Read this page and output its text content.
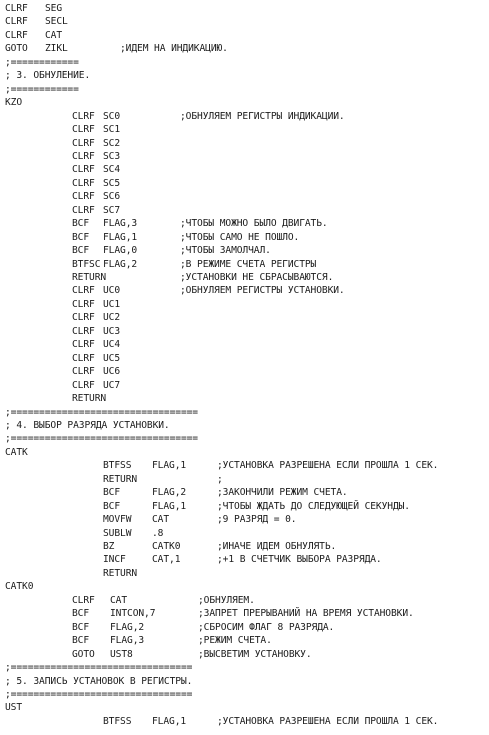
CLRF SEG
CLRF SECL
CLRF CAT
GOTO ZIKL	;ИДЕМ НА ИНДИКАЦИЮ.
;============
; 3. ОБНУЛЕНИЕ.
;============
KZO
CLRF SC0	;ОБНУЛЯЕМ РЕГИСТРЫ ИНДИКАЦИИ.
CLRF SC1
CLRF SC2
CLRF SC3
CLRF SC4
CLRF SC5
CLRF SC6
CLRF SC7
BCF FLAG,3	;ЧТОБЫ МОЖНО БЫЛО ДВИГАТЬ.
BCF FLAG,1	;ЧТОБЫ САМО НЕ ПОШЛО.
BCF FLAG,0	;ЧТОБЫ ЗАМОЛЧАЛ.
BTFSC FLAG,2	;В РЕЖИМЕ СЧЕТА РЕГИСТРЫ
RETURN	;УСТАНОВКИ НЕ СБРАСЫВАЮТСЯ.
CLRF UC0	;ОБНУЛЯЕМ РЕГИСТРЫ УСТАНОВКИ.
CLRF UC1
CLRF UC2
CLRF UC3
CLRF UC4
CLRF UC5
CLRF UC6
CLRF UC7
RETURN
;=================================
; 4. ВЫБОР РАЗРЯДА УСТАНОВКИ.
;=================================
CATK
BTFSS FLAG,1	;УСТАНОВКА РАЗРЕШЕНА ЕСЛИ ПРОШЛА 1 СЕК.
RETURN	;
BCF	FLAG,2	;ЗАКОНЧИЛИ РЕЖИМ СЧЕТА.
BCF	FLAG,1	;ЧТОБЫ ЖДАТЬ ДО СЛЕДУЮЩЕЙ СЕКУНДЫ.
MOVFW CAT	;9 РАЗРЯД = 0.
SUBLW .8
BZ	CATK0	;ИНАЧЕ ИДЕМ ОБНУЛЯТЬ.
INCF	CAT,1	;+1 В СЧЕТЧИК ВЫБОРА РАЗРЯДА.
RETURN
CATK0
CLRF CAT	;ОБНУЛЯЕМ.
BCF INTCON,7	;ЗАПРЕТ ПРЕРЫВАНИЙ НА ВРЕМЯ УСТАНОВКИ.
BCF FLAG,2	;СБРОСИМ ФЛАГ 8 РАЗРЯДА.
BCF FLAG,3	;РЕЖИМ СЧЕТА.
GOTO UST8	;ВЫСВЕТИМ УСТАНОВКУ.
;================================
; 5. ЗАПИСЬ УСТАНОВОК В РЕГИСТРЫ.
;================================
UST
BTFSS FLAG,1	;УСТАНОВКА РАЗРЕШЕНА ЕСЛИ ПРОШЛА 1 СЕК.
